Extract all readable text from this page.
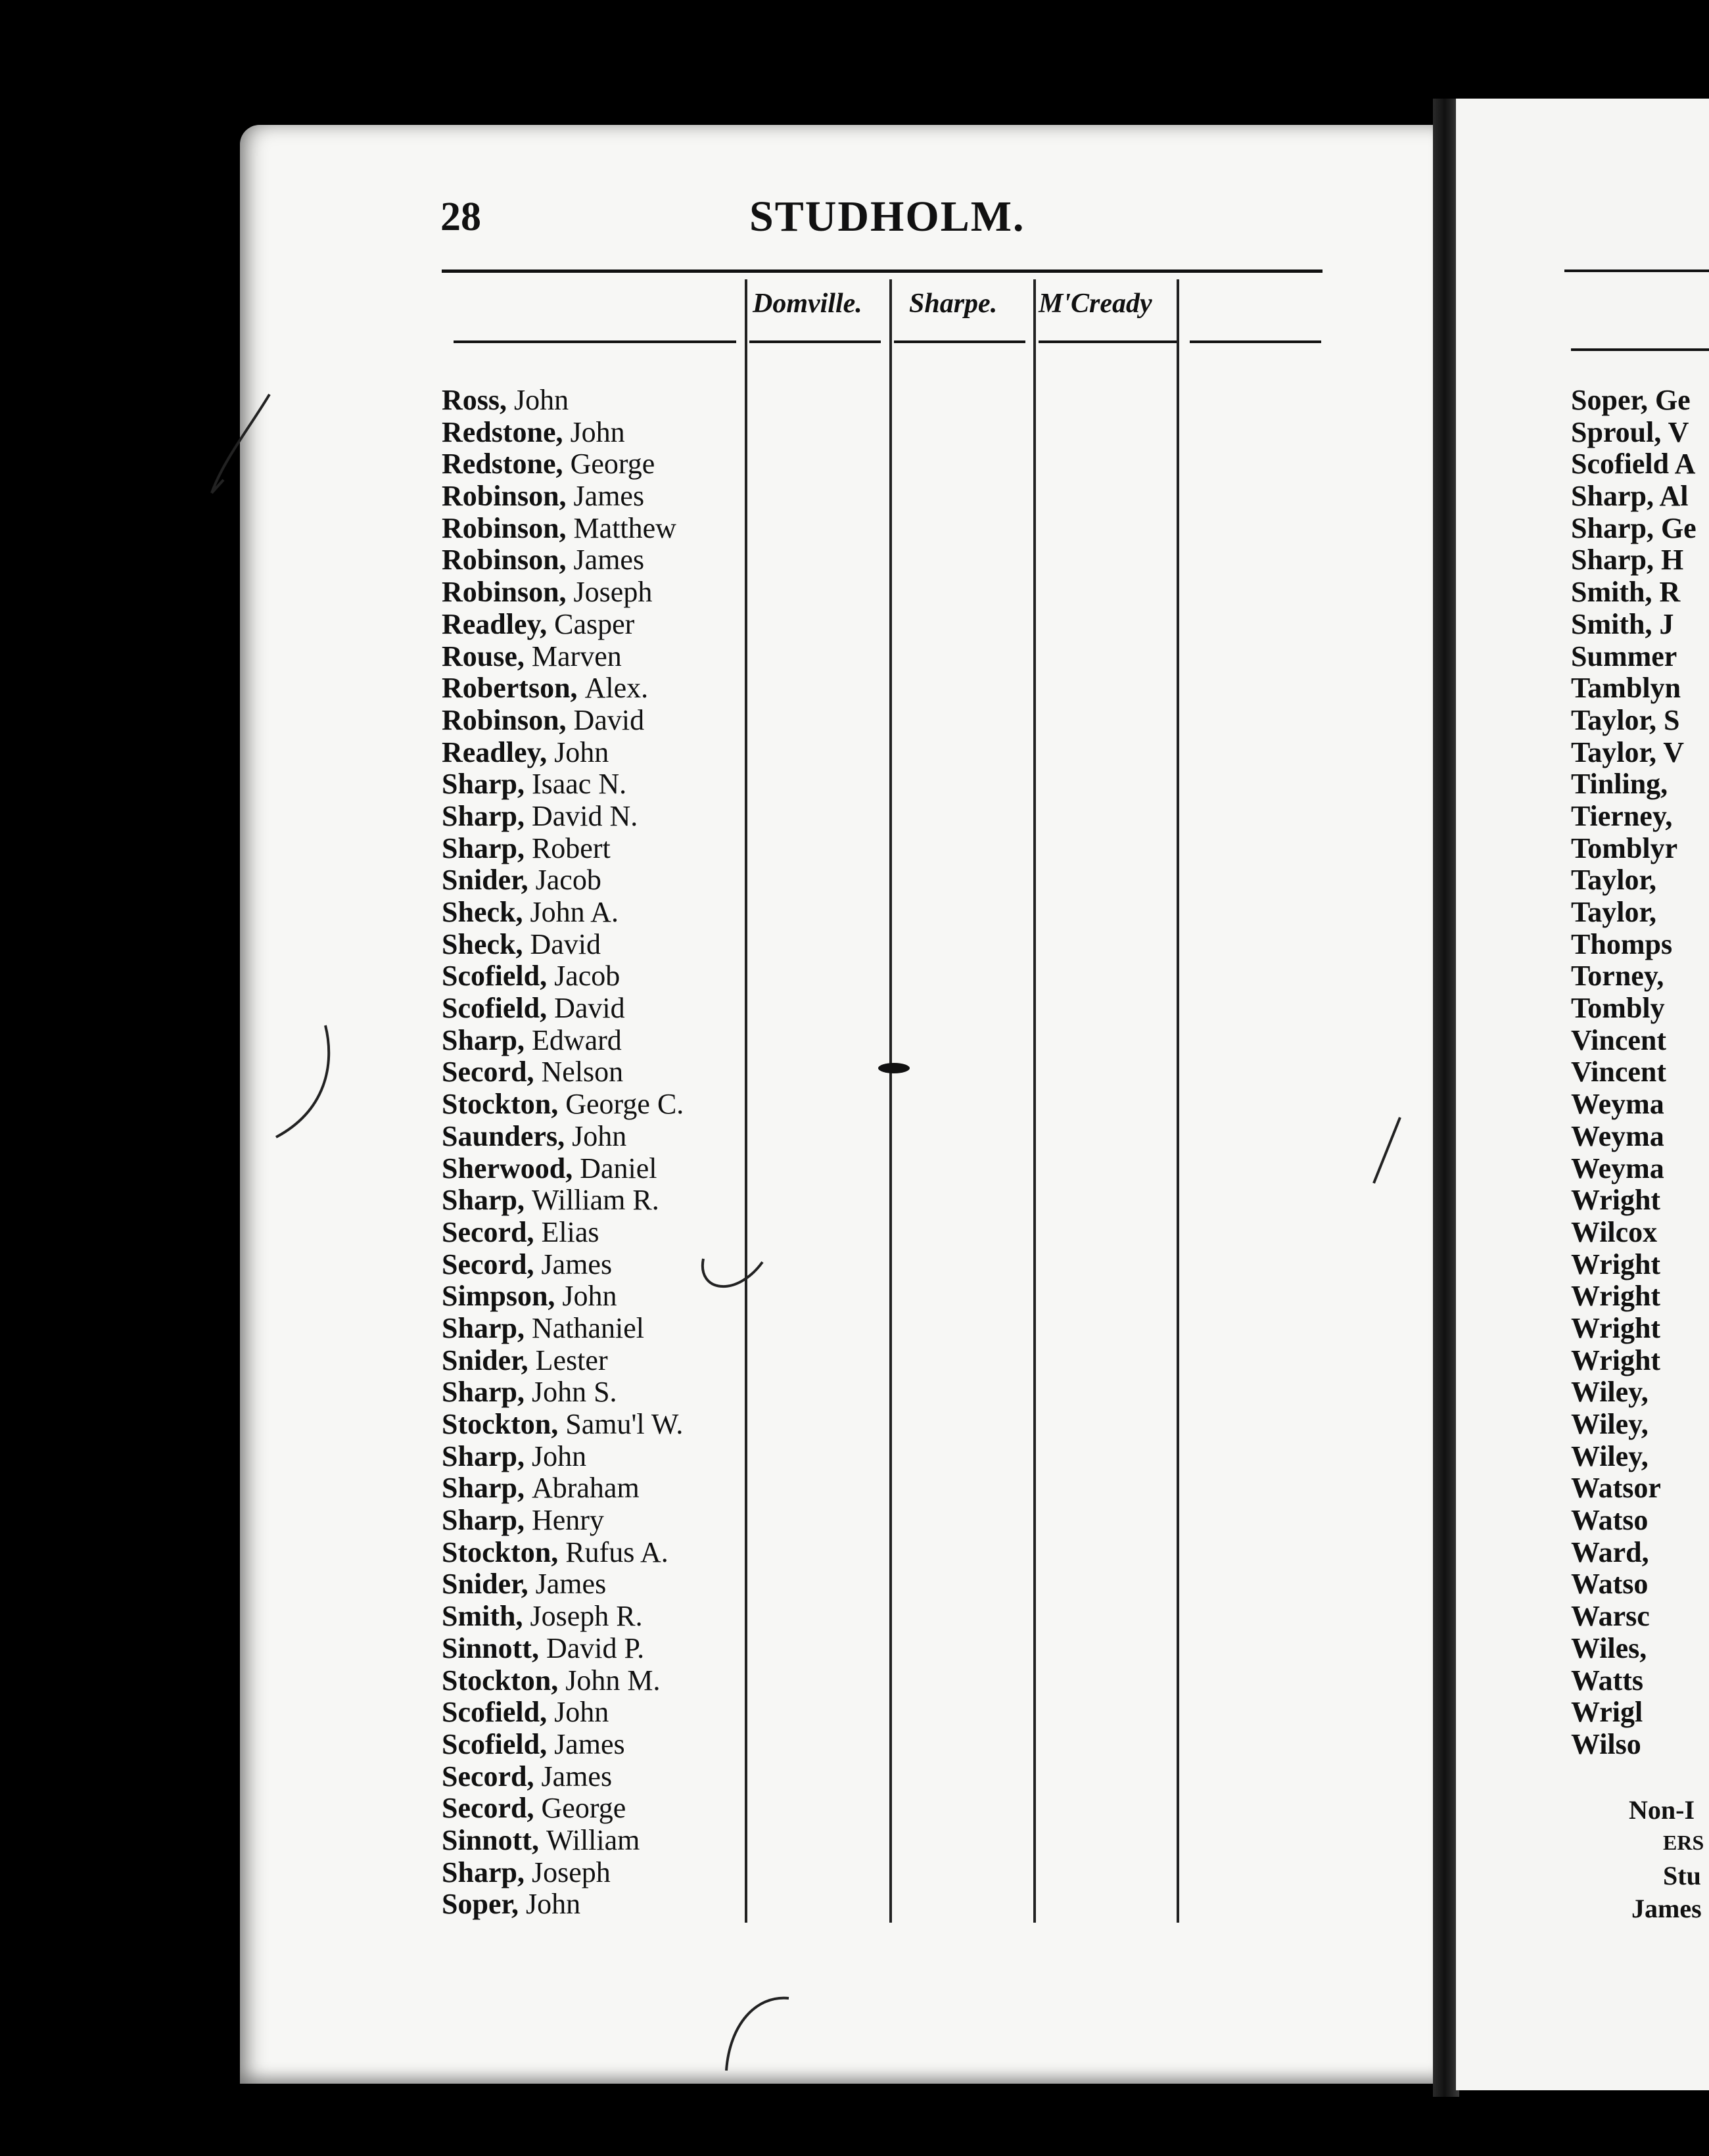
28	STUDHOLM.
Domville. Sharpe. M'Cready
Ross, John
Redstone, John
Redstone, George
Robinson, James
Robinson, Matthew
Robinson, James
Robinson, Joseph
Readley, Casper
Rouse, Marven
Robertson, Alex.
Robinson, David
Readley, John
Sharp, Isaac N.
Sharp, David N.
Sharp, Robert
Snider, Jacob
Sheck, John A.
Sheck, David
Scofield, Jacob
Scofield, David
Sharp, Edward
Secord, Nelson
Stockton, George C.
Saunders, John
Sherwood, Daniel
Sharp, William R.
Secord, Elias
Secord, James
Simpson, John
Sharp, Nathaniel
Snider, Lester
Sharp, John S.
Stockton, Samu'l W.
Sharp, John
Sharp, Abraham
Sharp, Henry
Stockton, Rufus A.
Snider, James
Smith, Joseph R.
Sinnott, David P.
Stockton, John M.
Scofield, John
Scofield, James
Secord, James
Secord, George
Sinnott, William
Sharp, Joseph
Soper, John
Soper, Ge
Sproul, V
Scofield A
Sharp, Al
Sharp, Ge
Sharp, H
Smith, R
Smith, J
Summer
Tamblyn
Taylor, S
Taylor, V
Tinling,
Tierney,
Tomblyr
Taylor,
Taylor,
Thomps
Torney,
Tombly
Vincent
Vincent
Weyma
Weyma
Weyma
Wright
Wilcox
Wright
Wright
Wright
Wright
Wiley,
Wiley,
Wiley,
Watsor
Watso
Ward,
Watso
Warsc
Wiles,
Watts
Wrigl
Wilso
Non-I
ERS
Stu
James
